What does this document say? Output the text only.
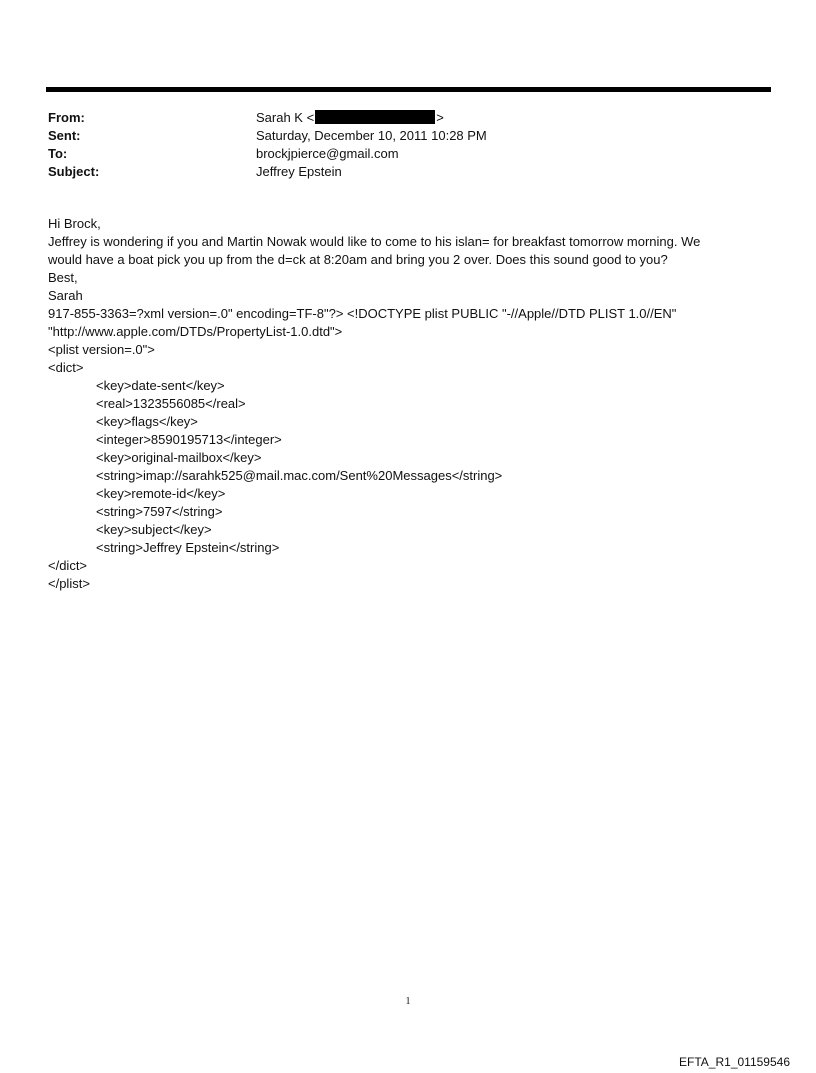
From:	Sarah K <	>
Sent:	Saturday, December 10, 2011 10:28 PM
To:	brockjpierce@gmail.com
Subject:	Jeffrey Epstein
Hi Brock,
Jeffrey is wondering if you and Martin Nowak would like to come to his islan= for breakfast tomorrow morning. We
would have a boat pick you up from the d=ck at 8:20am and bring you 2 over. Does this sound good to you?
Best,
Sarah
917-855-3363=?xml version=.0" encoding=TF-8"?> <!DOCTYPE plist PUBLIC "-//Apple//DTD PLIST 1.0//EN"
"http://www.apple.com/DTDs/PropertyList-1.0.dtd">
<plist version=.0">
<dict>
<key>date-sent</key>
<real>1323556085</real>
<key>flags</key>
<integer>8590195713</integer>
<key>original-mailbox</key>
<string>imap://sarahk525@mail.mac.com/Sent%20Messages</string>
<key>remote-id</key>
<string>7597</string>
<key>subject</key>
<string>Jeffrey Epstein</string>
</dict>
</plist>
1
EFTA_R1_01159546
